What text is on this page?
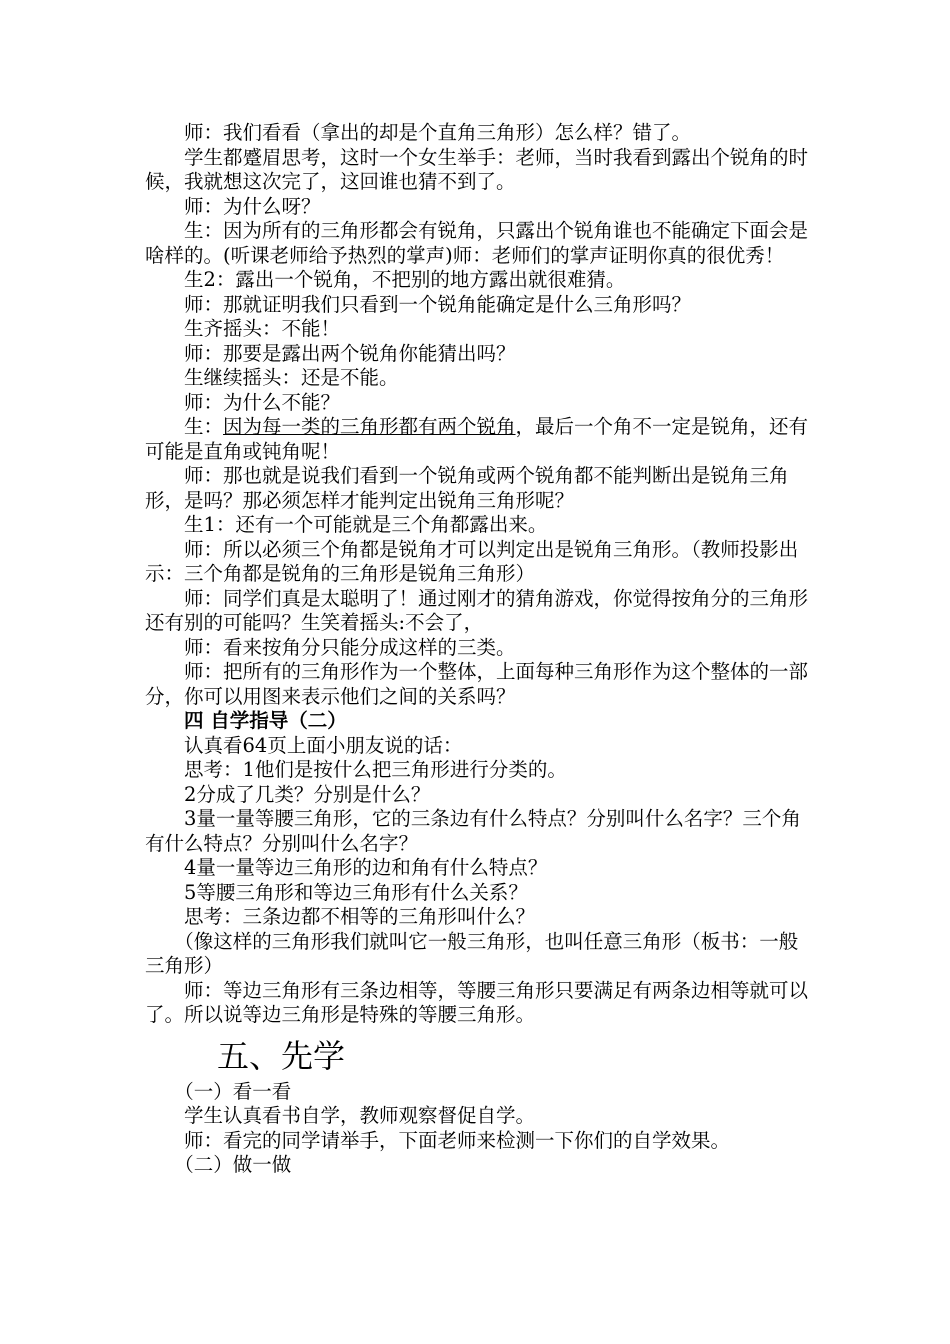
师：我们看看（拿出的却是个直角三角形）怎么样？错了。

学生都蹙眉思考，这时一个女生举手：老师，当时我看到露出个锐角的时候，我就想这次完了，这回谁也猜不到了。

师：为什么呀？

生：因为所有的三角形都会有锐角，只露出个锐角谁也不能确定下面会是啥样的。(听课老师给予热烈的掌声)师：老师们的掌声证明你真的很优秀！

生2：露出一个锐角，不把别的地方露出就很难猜。

师：那就证明我们只看到一个锐角能确定是什么三角形吗？

生齐摇头：不能！

师：那要是露出两个锐角你能猜出吗？

生继续摇头：还是不能。

师：为什么不能？

生：因为每一类的三角形都有两个锐角，最后一个角不一定是锐角，还有可能是直角或钝角呢！

师：那也就是说我们看到一个锐角或两个锐角都不能判断出是锐角三角形，是吗？那必须怎样才能判定出锐角三角形呢？

生1：还有一个可能就是三个角都露出来。

师：所以必须三个角都是锐角才可以判定出是锐角三角形。（教师投影出示：三个角都是锐角的三角形是锐角三角形）

师：同学们真是太聪明了！通过刚才的猜角游戏，你觉得按角分的三角形还有别的可能吗？生笑着摇头:不会了，

师：看来按角分只能分成这样的三类。

师：把所有的三角形作为一个整体，上面每种三角形作为这个整体的一部分，你可以用图来表示他们之间的关系吗？

四 自学指导（二）

认真看64页上面小朋友说的话：

思考：1他们是按什么把三角形进行分类的。

2分成了几类？分别是什么？

3量一量等腰三角形，它的三条边有什么特点？分别叫什么名字？三个角有什么特点？分别叫什么名字？

4量一量等边三角形的边和角有什么特点？

5等腰三角形和等边三角形有什么关系？

思考：三条边都不相等的三角形叫什么？

（像这样的三角形我们就叫它一般三角形，也叫任意三角形（板书：一般三角形）

师：等边三角形有三条边相等，等腰三角形只要满足有两条边相等就可以了。所以说等边三角形是特殊的等腰三角形。

五、先学

（一）看一看

学生认真看书自学，教师观察督促自学。

师：看完的同学请举手，下面老师来检测一下你们的自学效果。

（二）做一做
